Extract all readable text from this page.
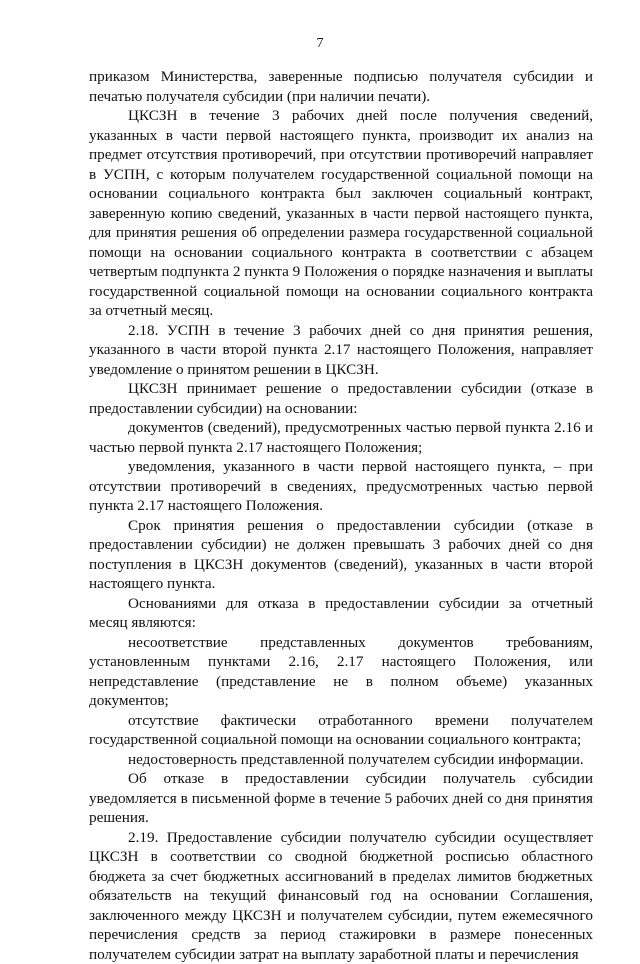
7

приказом Министерства, заверенные подписью получателя субсидии и печатью получателя субсидии (при наличии печати).

ЦКСЗН в течение 3 рабочих дней после получения сведений, указанных в части первой настоящего пункта, производит их анализ на предмет отсутствия противоречий, при отсутствии противоречий направляет в УСПН, с которым получателем государственной социальной помощи на основании социального контракта был заключен социальный контракт, заверенную копию сведений, указанных в части первой настоящего пункта, для принятия решения об определении размера государственной социальной помощи на основании социального контракта в соответствии с абзацем четвертым подпункта 2 пункта 9 Положения о порядке назначения и выплаты государственной социальной помощи на основании социального контракта за отчетный месяц.

2.18. УСПН в течение 3 рабочих дней со дня принятия решения, указанного в части второй пункта 2.17 настоящего Положения, направляет уведомление о принятом решении в ЦКСЗН.

ЦКСЗН принимает решение о предоставлении субсидии (отказе в предоставлении субсидии) на основании:

документов (сведений), предусмотренных частью первой пункта 2.16 и частью первой пункта 2.17 настоящего Положения;

уведомления, указанного в части первой настоящего пункта, – при отсутствии противоречий в сведениях, предусмотренных частью первой пункта 2.17 настоящего Положения.

Срок принятия решения о предоставлении субсидии (отказе в предоставлении субсидии) не должен превышать 3 рабочих дней со дня поступления в ЦКСЗН документов (сведений), указанных в части второй настоящего пункта.

Основаниями для отказа в предоставлении субсидии за отчетный месяц являются:

несоответствие представленных документов требованиям, установленным пунктами 2.16, 2.17 настоящего Положения, или непредставление (представление не в полном объеме) указанных документов;

отсутствие фактически отработанного времени получателем государственной социальной помощи на основании социального контракта;

недостоверность представленной получателем субсидии информации.

Об отказе в предоставлении субсидии получатель субсидии уведомляется в письменной форме в течение 5 рабочих дней со дня принятия решения.

2.19. Предоставление субсидии получателю субсидии осуществляет ЦКСЗН в соответствии со сводной бюджетной росписью областного бюджета за счет бюджетных ассигнований в пределах лимитов бюджетных обязательств на текущий финансовый год на основании Соглашения, заключенного между ЦКСЗН и получателем субсидии, путем ежемесячного перечисления средств за период стажировки в размере понесенных получателем субсидии затрат на выплату заработной платы и перечисления
